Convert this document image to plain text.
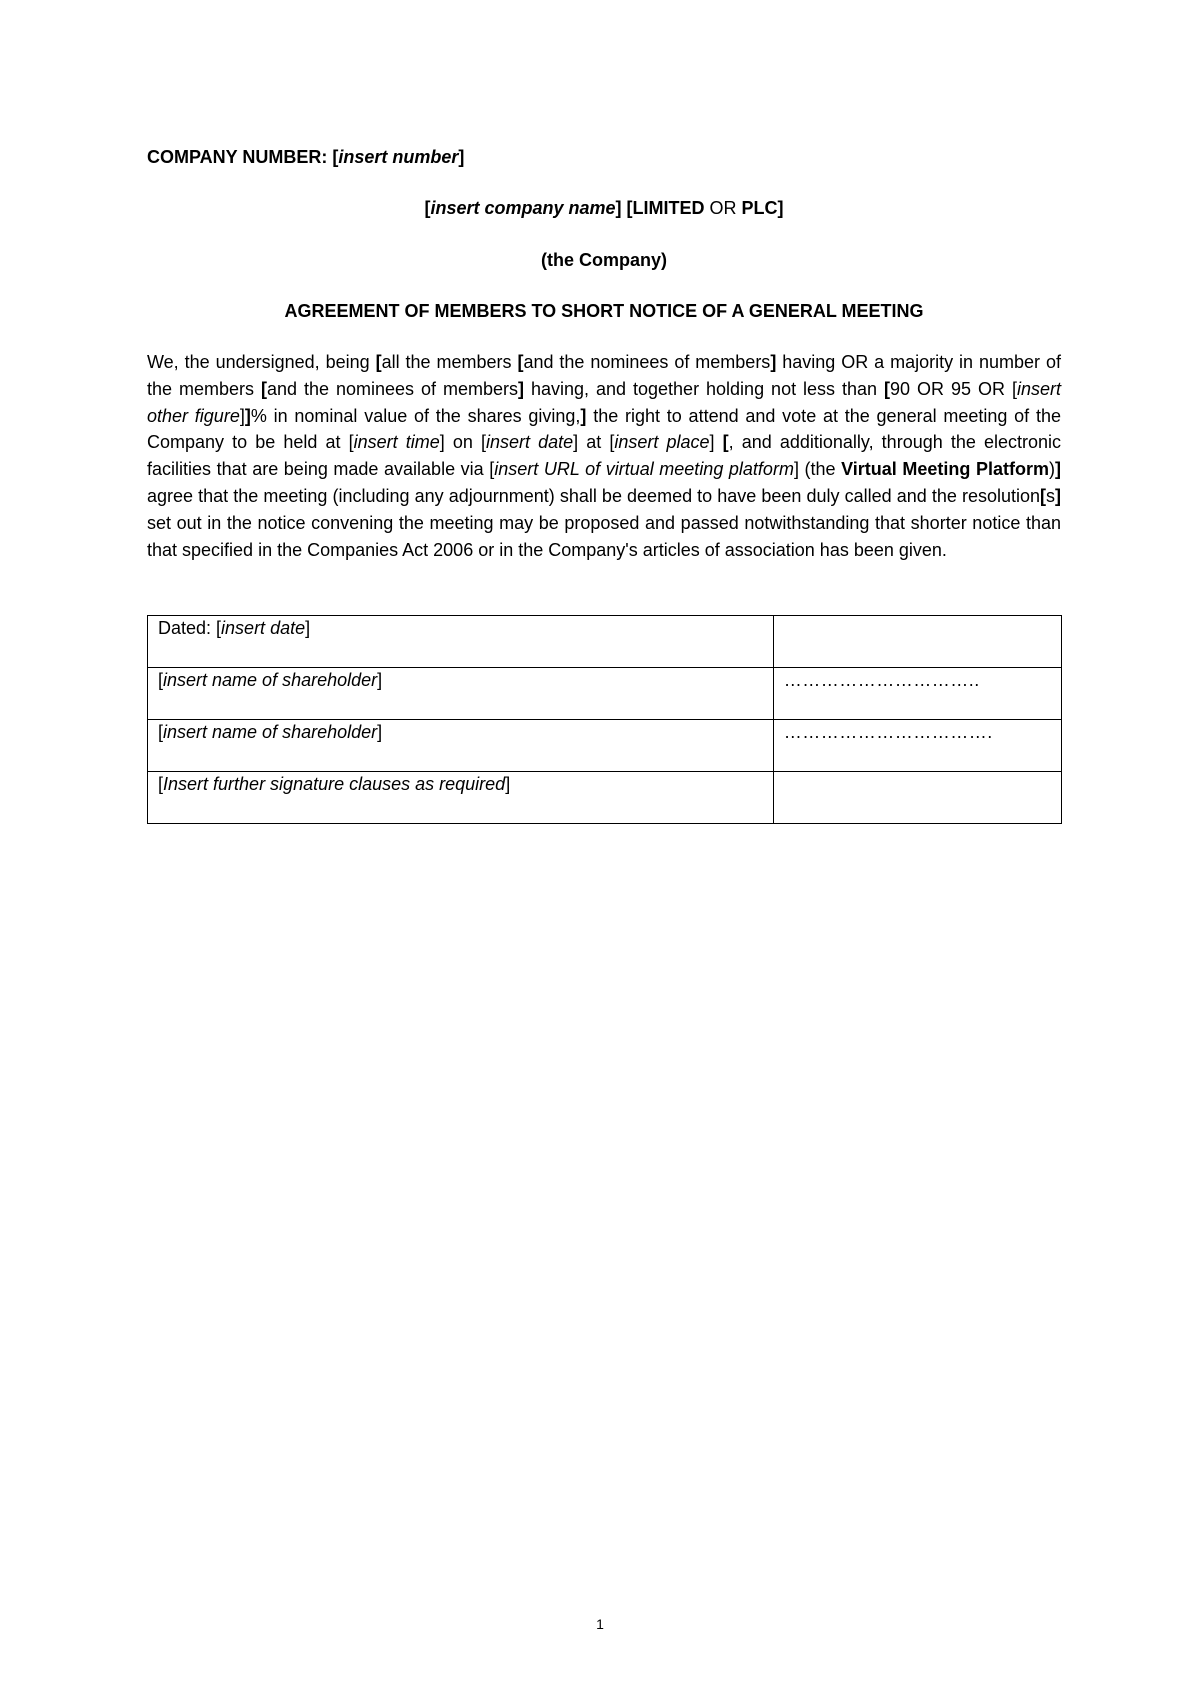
COMPANY NUMBER: [insert number]
[insert company name] [LIMITED OR PLC]
(the Company)
AGREEMENT OF MEMBERS TO SHORT NOTICE OF A GENERAL MEETING
We, the undersigned, being [all the members [and the nominees of members] having OR a majority in number of the members [and the nominees of members] having, and together holding not less than [90 OR 95 OR [insert other figure]]% in nominal value of the shares giving,] the right to attend and vote at the general meeting of the Company to be held at [insert time] on [insert date] at [insert place] [, and additionally, through the electronic facilities that are being made available via [insert URL of virtual meeting platform] (the Virtual Meeting Platform)] agree that the meeting (including any adjournment) shall be deemed to have been duly called and the resolution[s] set out in the notice convening the meeting may be proposed and passed notwithstanding that shorter notice than that specified in the Companies Act 2006 or in the Company's articles of association has been given.
Dated: [insert date]	
[insert name of shareholder]	…………………………..
[insert name of shareholder]	…………………………….
[Insert further signature clauses as required]	
1
